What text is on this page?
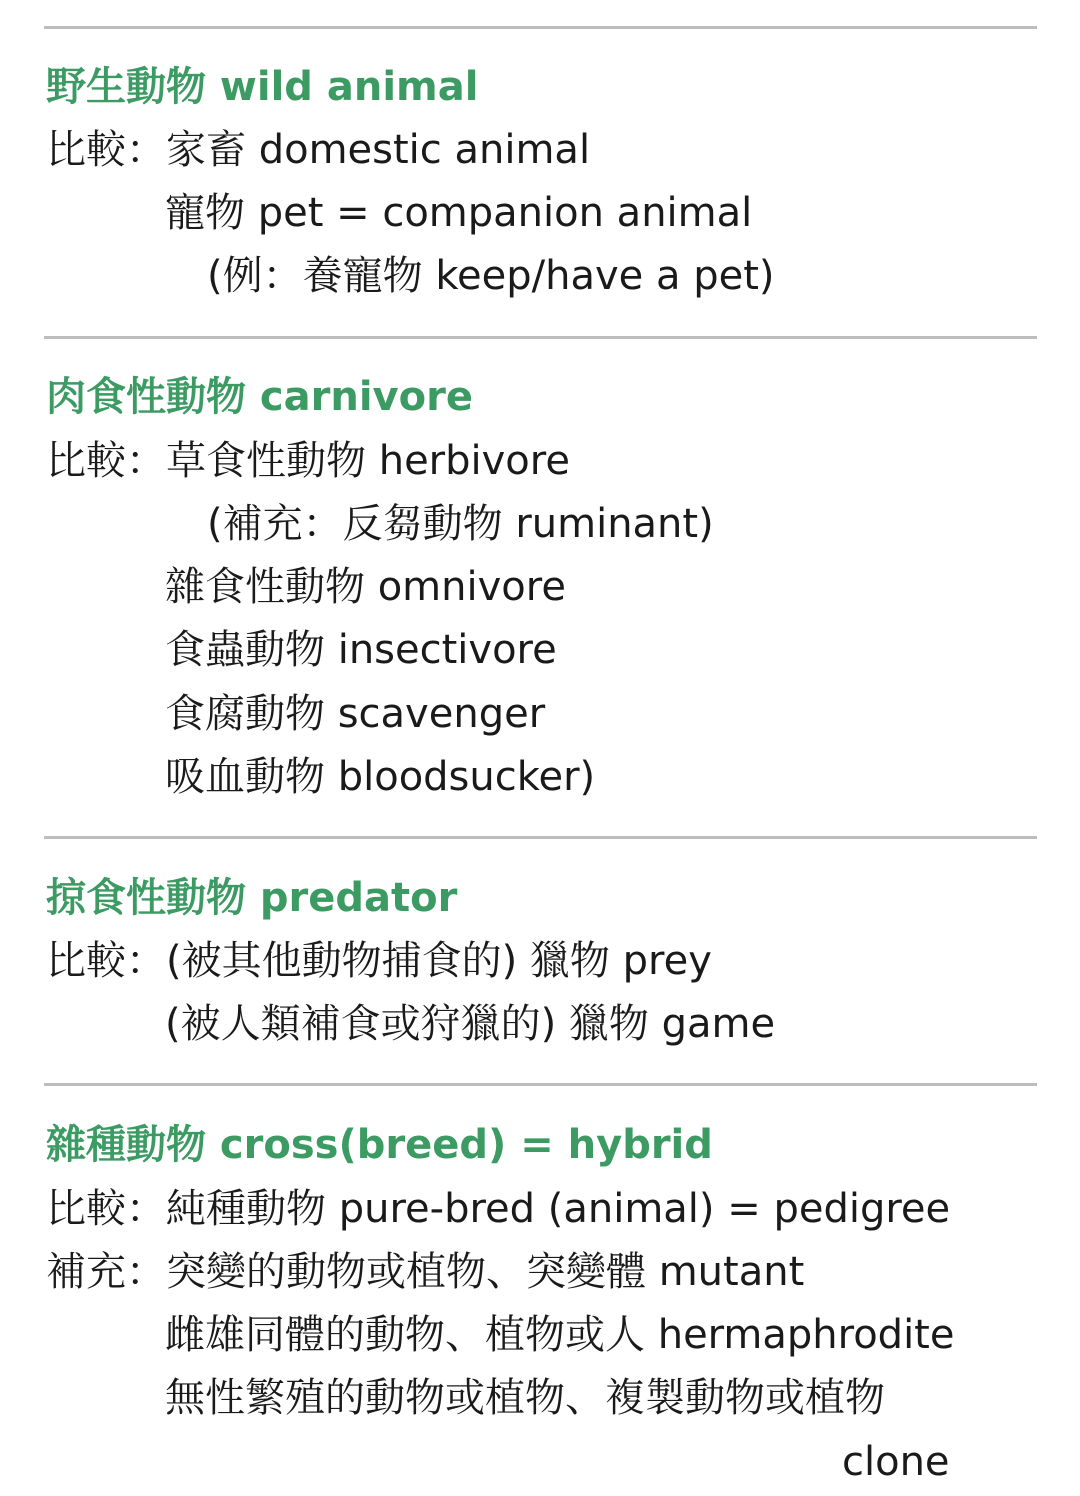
野生動物 wild animal
比較：家畜 domestic animal
寵物 pet = companion animal
(例：養寵物 keep/have a pet)
肉食性動物 carnivore
比較：草食性動物 herbivore
(補充：反芻動物 ruminant)
雜食性動物 omnivore
食蟲動物 insectivore
食腐動物 scavenger
吸血動物 bloodsucker)
掠食性動物 predator
比較：(被其他動物捕食的) 獵物 prey
(被人類補食或狩獵的) 獵物 game
雜種動物 cross(breed) = hybrid
比較：純種動物 pure-bred (animal) = pedigree
補充：突變的動物或植物、突變體 mutant
雌雄同體的動物、植物或人 hermaphrodite
無性繁殖的動物或植物、複製動物或植物
clone
